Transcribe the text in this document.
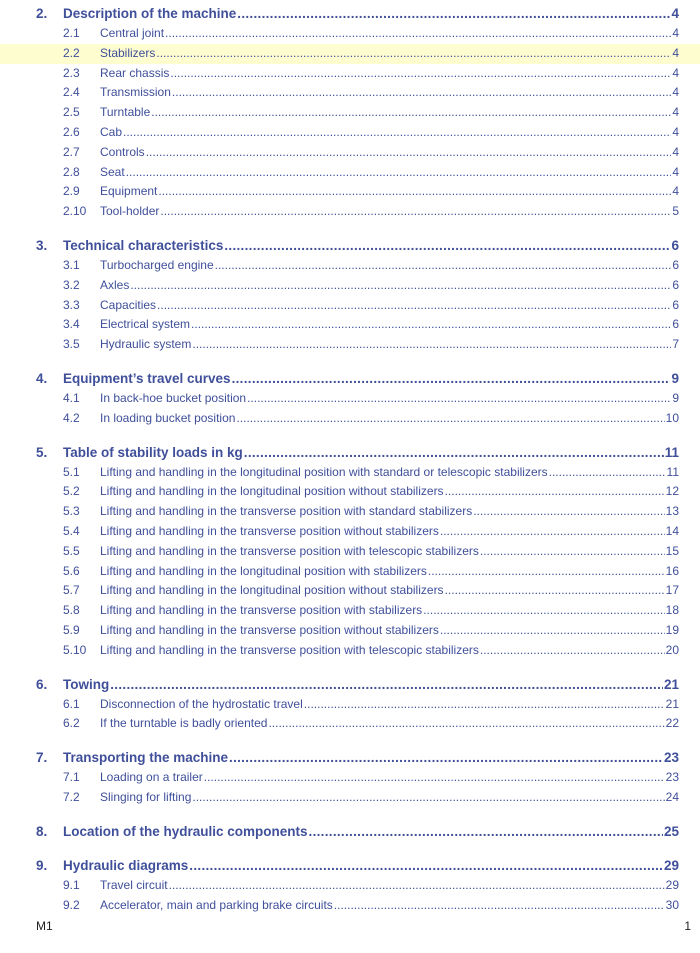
2.	Description of the machine .....	4
2.1	Central joint .....	4
2.2	Stabilizers .....	4
2.3	Rear chassis .....	4
2.4	Transmission .....	4
2.5	Turntable .....	4
2.6	Cab .....	4
2.7	Controls .....	4
2.8	Seat .....	4
2.9	Equipment .....	4
2.10	Tool-holder .....	5
3.	Technical characteristics .....	6
3.1	Turbocharged engine .....	6
3.2	Axles .....	6
3.3	Capacities .....	6
3.4	Electrical system .....	6
3.5	Hydraulic system .....	7
4.	Equipment’s travel curves .....	9
4.1	In back-hoe bucket position .....	9
4.2	In loading bucket position .....	10
5.	Table of stability loads in kg .....	11
5.1	Lifting and handling in the longitudinal position with standard or telescopic stabilizers .....	11
5.2	Lifting and handling in the longitudinal position without stabilizers .....	12
5.3	Lifting and handling in the transverse position with standard stabilizers .....	13
5.4	Lifting and handling in the transverse position without stabilizers .....	14
5.5	Lifting and handling in the transverse position with telescopic stabilizers .....	15
5.6	Lifting and handling in the longitudinal position with stabilizers .....	16
5.7	Lifting and handling in the longitudinal position without stabilizers .....	17
5.8	Lifting and handling in the transverse position with stabilizers .....	18
5.9	Lifting and handling in the transverse position without stabilizers .....	19
5.10	Lifting and handling in the transverse position with telescopic stabilizers .....	20
6.	Towing .....	21
6.1	Disconnection of the hydrostatic travel .....	21
6.2	If the turntable is badly oriented .....	22
7.	Transporting the machine .....	23
7.1	Loading on a trailer .....	23
7.2	Slinging for lifting .....	24
8.	Location of the hydraulic components .....	25
9.	Hydraulic diagrams .....	29
9.1	Travel circuit .....	29
9.2	Accelerator, main and parking brake circuits .....	30
M1	1
